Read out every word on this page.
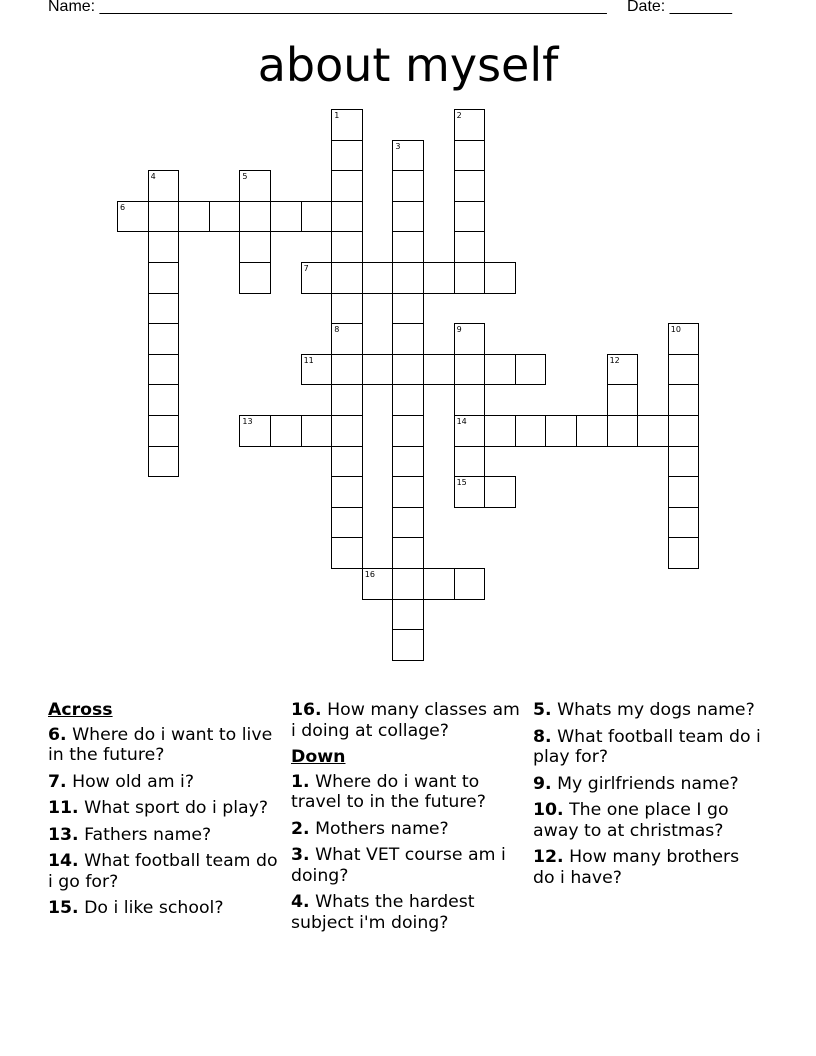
Name: _________________________________________________________ Date: _______
about myself
1	2
3
4	5
6
7
8	9
14
15
10
11	12
13
16
Across
6. Where do i want to live in the future?
7. How old am i?
11. What sport do i play?
13. Fathers name?
14. What football team do i go for?
15. Do i like school?
16. How many classes am i doing at collage?
Down
1. Where do i want to travel to in the future?
2. Mothers name?
3. What VET course am i doing?
4. Whats the hardest subject i'm doing?
5. Whats my dogs name?
8. What football team do i play for?
9. My girlfriends name?
10. The one place I go away to at christmas?
12. How many brothers do i have?
